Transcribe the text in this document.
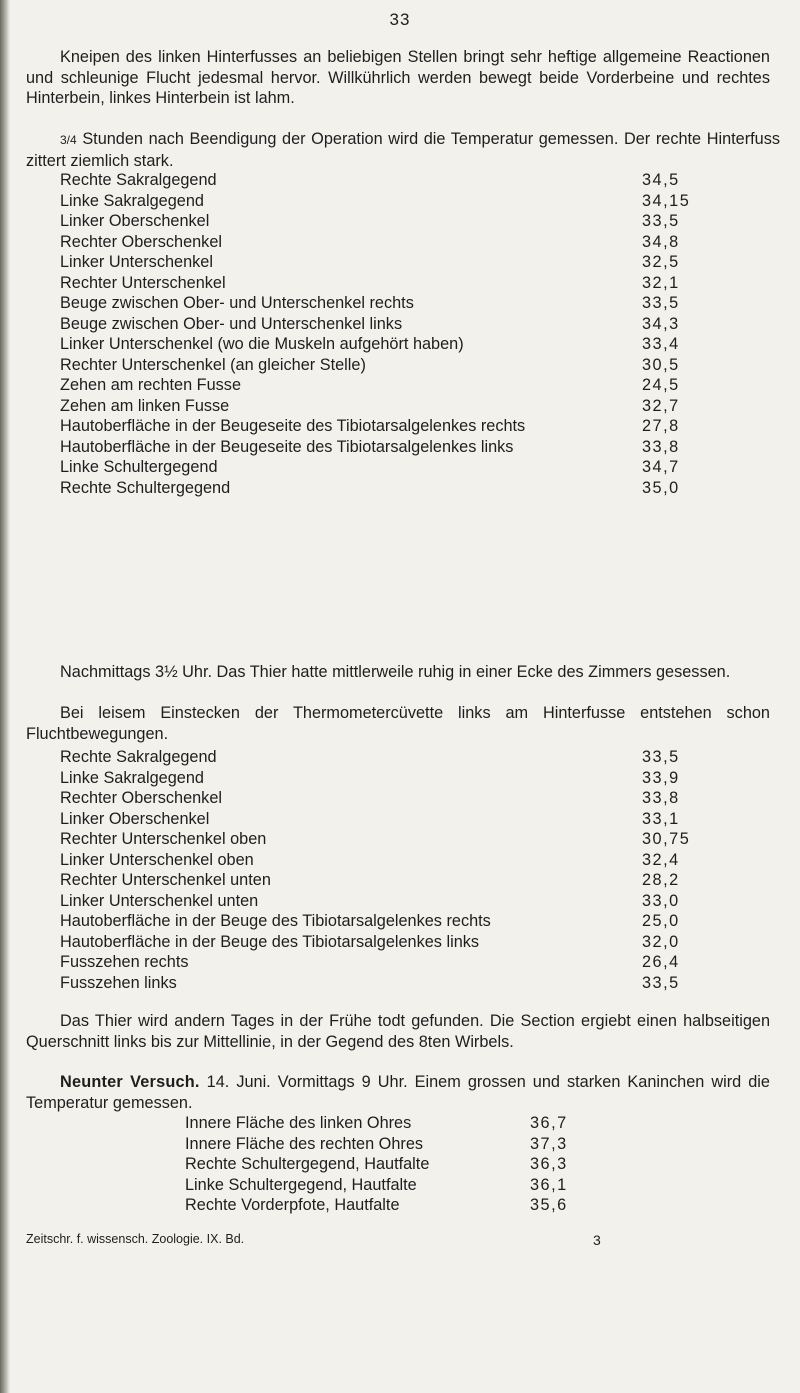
33

Kneipen des linken Hinterfusses an beliebigen Stellen bringt sehr heftige allgemeine Reactionen und schleunige Flucht jedesmal hervor. Willkührlich werden bewegt beide Vorderbeine und rechtes Hinterbein, linkes Hinterbein ist lahm.

3/4 Stunden nach Beendigung der Operation wird die Temperatur gemessen. Der rechte Hinterfuss zittert ziemlich stark.

Rechte Sakralgegend	34,5
Linke Sakralgegend	34,15
Linker Oberschenkel	33,5
Rechter Oberschenkel	34,8
Linker Unterschenkel	32,5
Rechter Unterschenkel	32,1
Beuge zwischen Ober- und Unterschenkel rechts	33,5
Beuge zwischen Ober- und Unterschenkel links	34,3
Linker Unterschenkel (wo die Muskeln aufgehört haben)	33,4
Rechter Unterschenkel (an gleicher Stelle)	30,5
Zehen am rechten Fusse	24,5
Zehen am linken Fusse	32,7
Hautoberfläche in der Beugeseite des Tibiotarsalgelenkes rechts	27,8
Hautoberfläche in der Beugeseite des Tibiotarsalgelenkes links	33,8
Linke Schultergegend	34,7
Rechte Schultergegend	35,0

Nachmittags 3½ Uhr. Das Thier hatte mittlerweile ruhig in einer Ecke des Zimmers gesessen.

Bei leisem Einstecken der Thermometercüvette links am Hinterfusse entstehen schon Fluchtbewegungen.

Rechte Sakralgegend	33,5
Linke Sakralgegend	33,9
Rechter Oberschenkel	33,8
Linker Oberschenkel	33,1
Rechter Unterschenkel oben	30,75
Linker Unterschenkel oben	32,4
Rechter Unterschenkel unten	28,2
Linker Unterschenkel unten	33,0
Hautoberfläche in der Beuge des Tibiotarsalgelenkes rechts	25,0
Hautoberfläche in der Beuge des Tibiotarsalgelenkes links	32,0
Fusszehen rechts	26,4
Fusszehen links	33,5

Das Thier wird andern Tages in der Frühe todt gefunden. Die Section ergiebt einen halbseitigen Querschnitt links bis zur Mittellinie, in der Gegend des 8ten Wirbels.

Neunter Versuch. 14. Juni. Vormittags 9 Uhr. Einem grossen und starken Kaninchen wird die Temperatur gemessen.

Innere Fläche des linken Ohres	36,7
Innere Fläche des rechten Ohres	37,3
Rechte Schultergegend, Hautfalte	36,3
Linke Schultergegend, Hautfalte	36,1
Rechte Vorderpfote, Hautfalte	35,6
Zeitschr. f. wissensch. Zoologie. IX. Bd.	3
